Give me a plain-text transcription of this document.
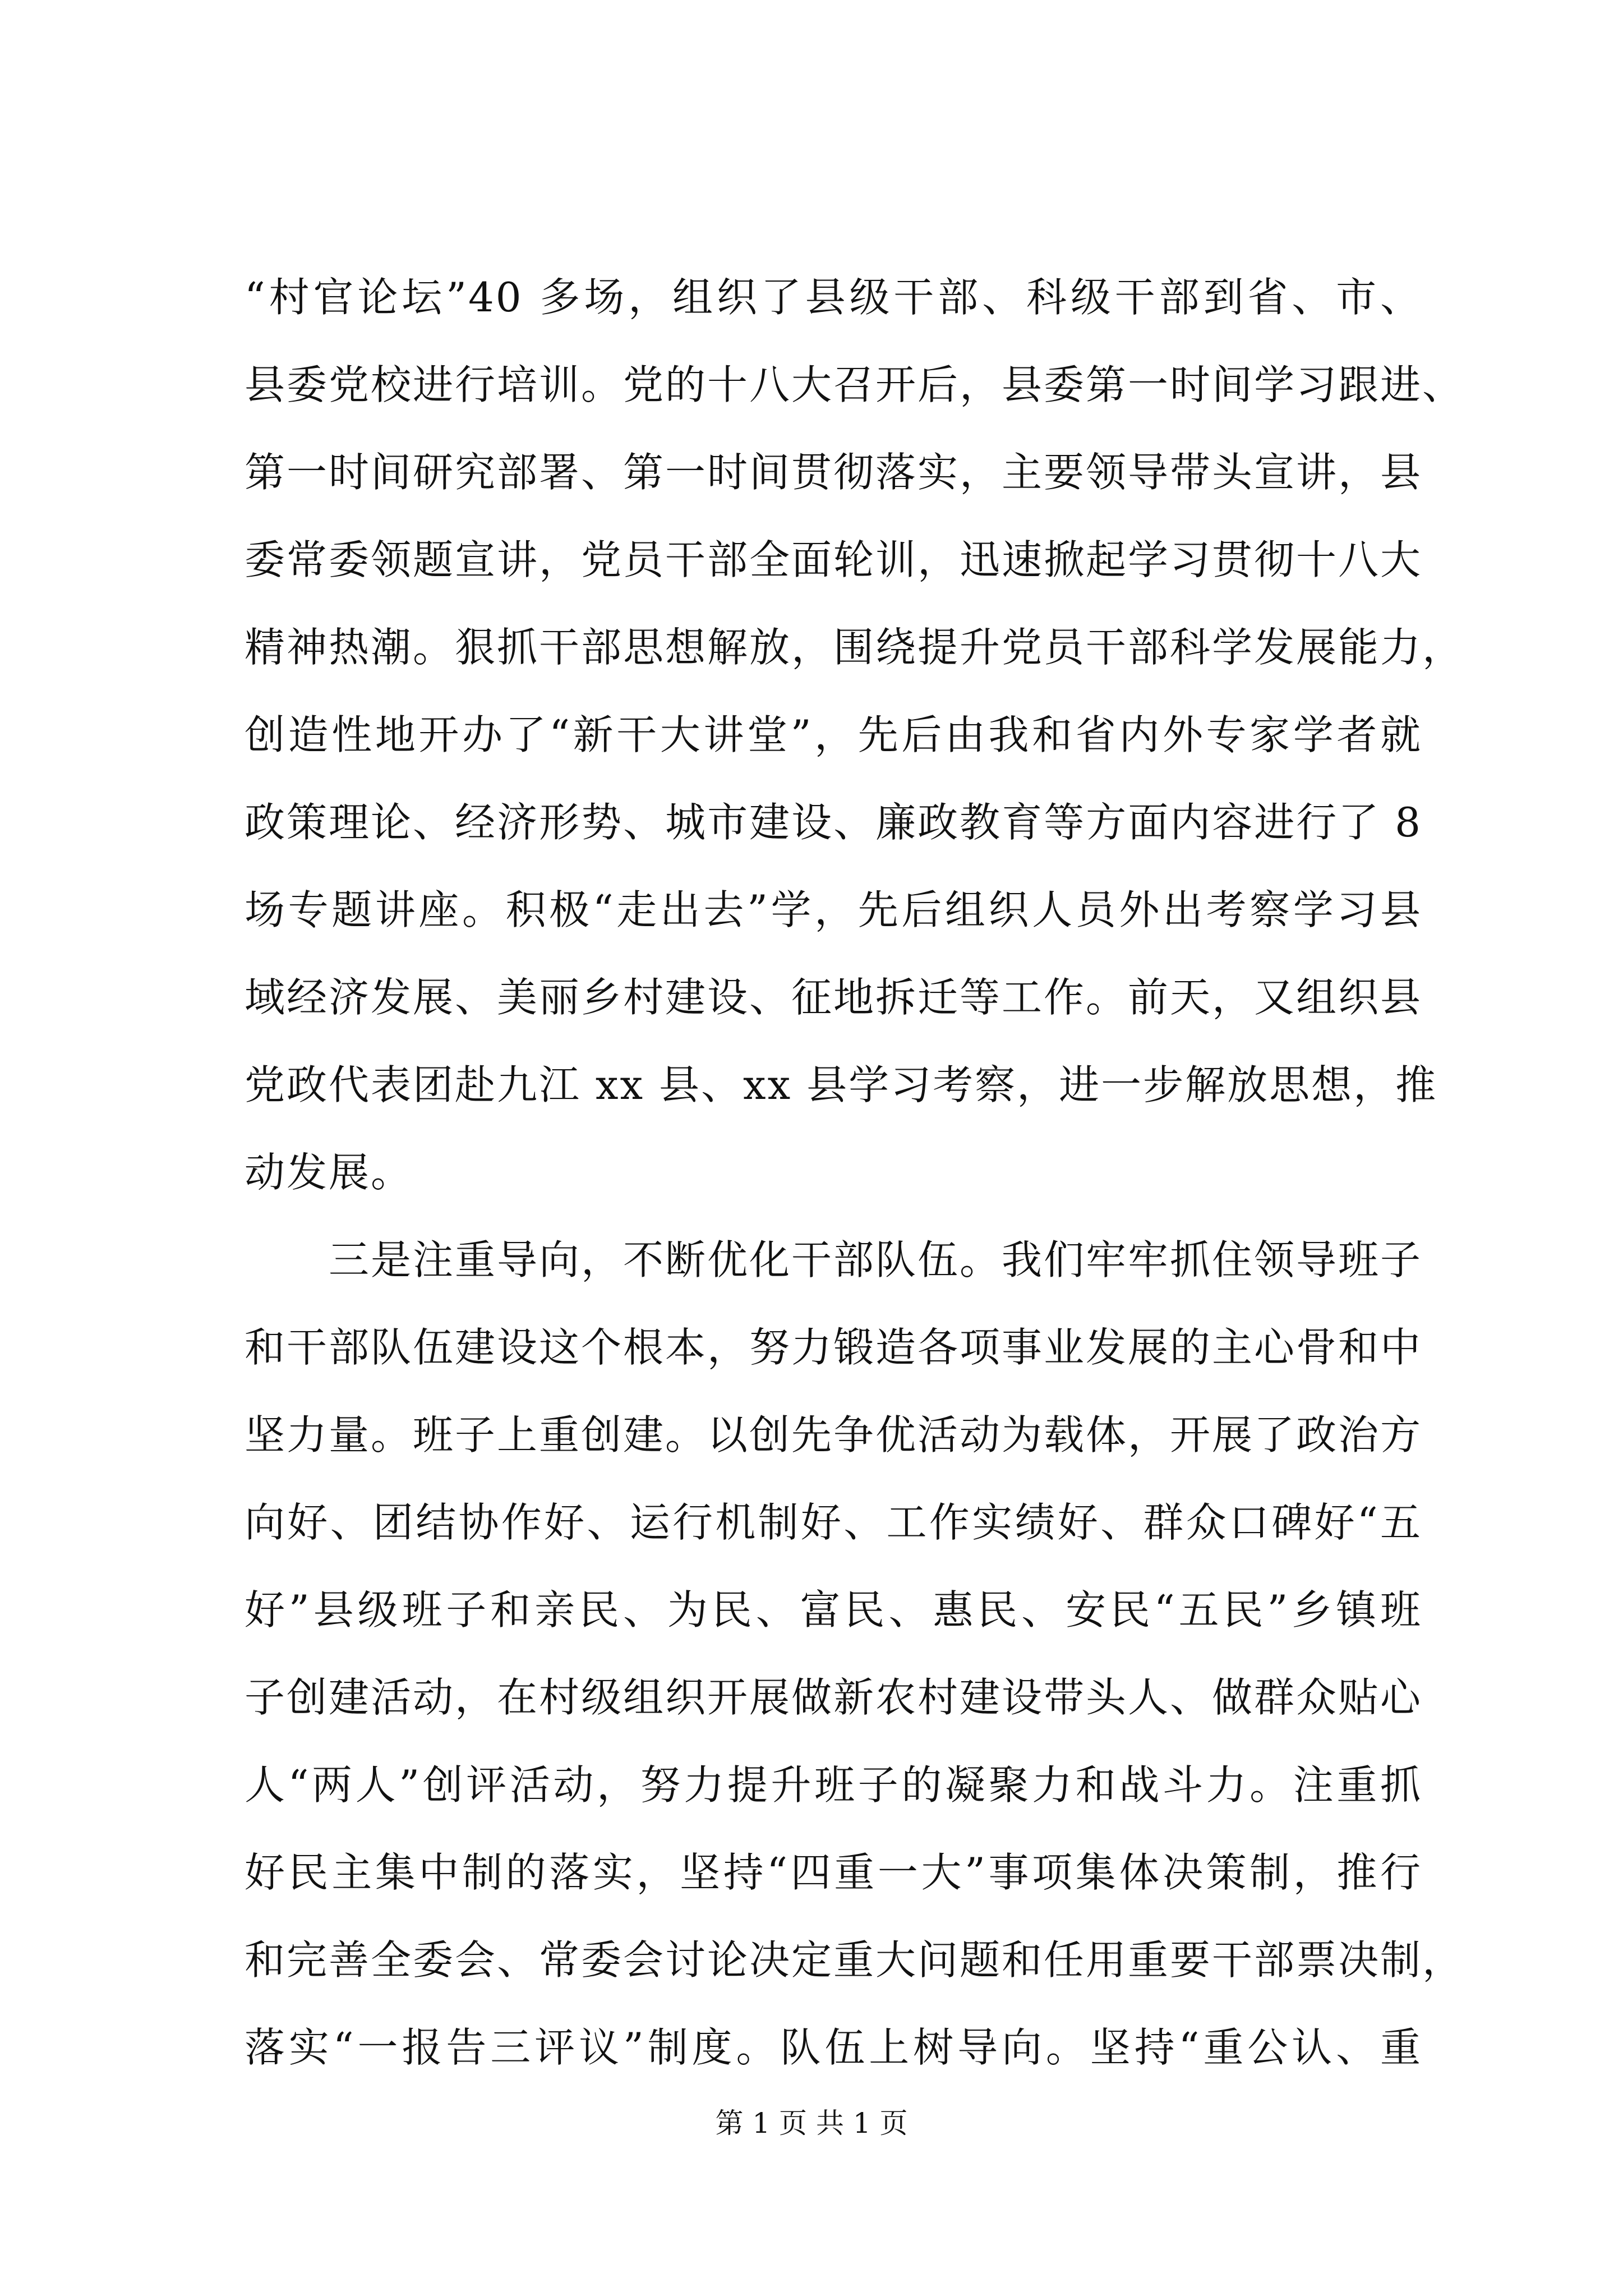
“村官论坛”40 多场，组织了县级干部、科级干部到省、市、
县委党校进行培训。党的十八大召开后，县委第一时间学习跟进、
第一时间研究部署、第一时间贯彻落实，主要领导带头宣讲，县
委常委领题宣讲，党员干部全面轮训，迅速掀起学习贯彻十八大
精神热潮。狠抓干部思想解放，围绕提升党员干部科学发展能力，
创造性地开办了“新干大讲堂”，先后由我和省内外专家学者就
政策理论、经济形势、城市建设、廉政教育等方面内容进行了 8
场专题讲座。积极“走出去”学，先后组织人员外出考察学习县
域经济发展、美丽乡村建设、征地拆迁等工作。前天，又组织县
党政代表团赴九江 xx 县、xx 县学习考察，进一步解放思想，推
动发展。
三是注重导向，不断优化干部队伍。我们牢牢抓住领导班子
和干部队伍建设这个根本，努力锻造各项事业发展的主心骨和中
坚力量。班子上重创建。以创先争优活动为载体，开展了政治方
向好、团结协作好、运行机制好、工作实绩好、群众口碑好“五
好”县级班子和亲民、为民、富民、惠民、安民“五民”乡镇班
子创建活动，在村级组织开展做新农村建设带头人、做群众贴心
人“两人”创评活动，努力提升班子的凝聚力和战斗力。注重抓
好民主集中制的落实，坚持“四重一大”事项集体决策制，推行
和完善全委会、常委会讨论决定重大问题和任用重要干部票决制，
落实“一报告三评议”制度。队伍上树导向。坚持“重公认、重
第 1 页 共 1 页
